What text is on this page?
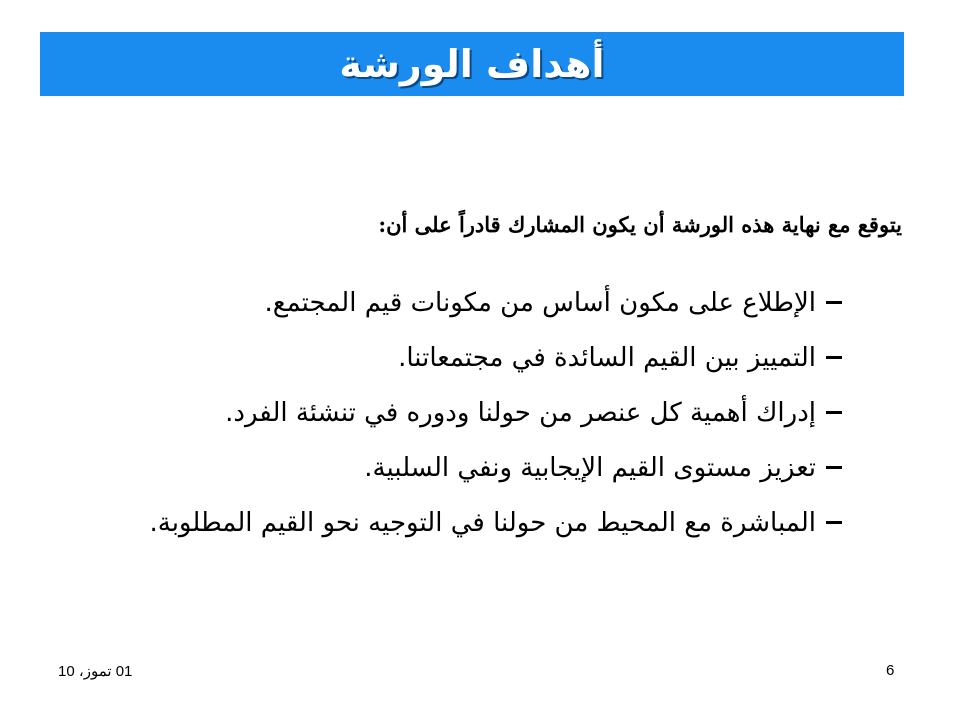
أهداف الورشة
يتوقع مع نهاية هذه الورشة أن يكون المشارك قادراً على أن:
الإطلاع على مكون أساس من مكونات قيم المجتمع.
التمييز بين القيم السائدة في مجتمعاتنا.
إدراك أهمية كل عنصر من حولنا ودوره في تنشئة الفرد.
تعزيز مستوى القيم الإيجابية ونفي السلبية.
المباشرة مع المحيط من حولنا في التوجيه نحو القيم المطلوبة.
01 تموز، 10	6
